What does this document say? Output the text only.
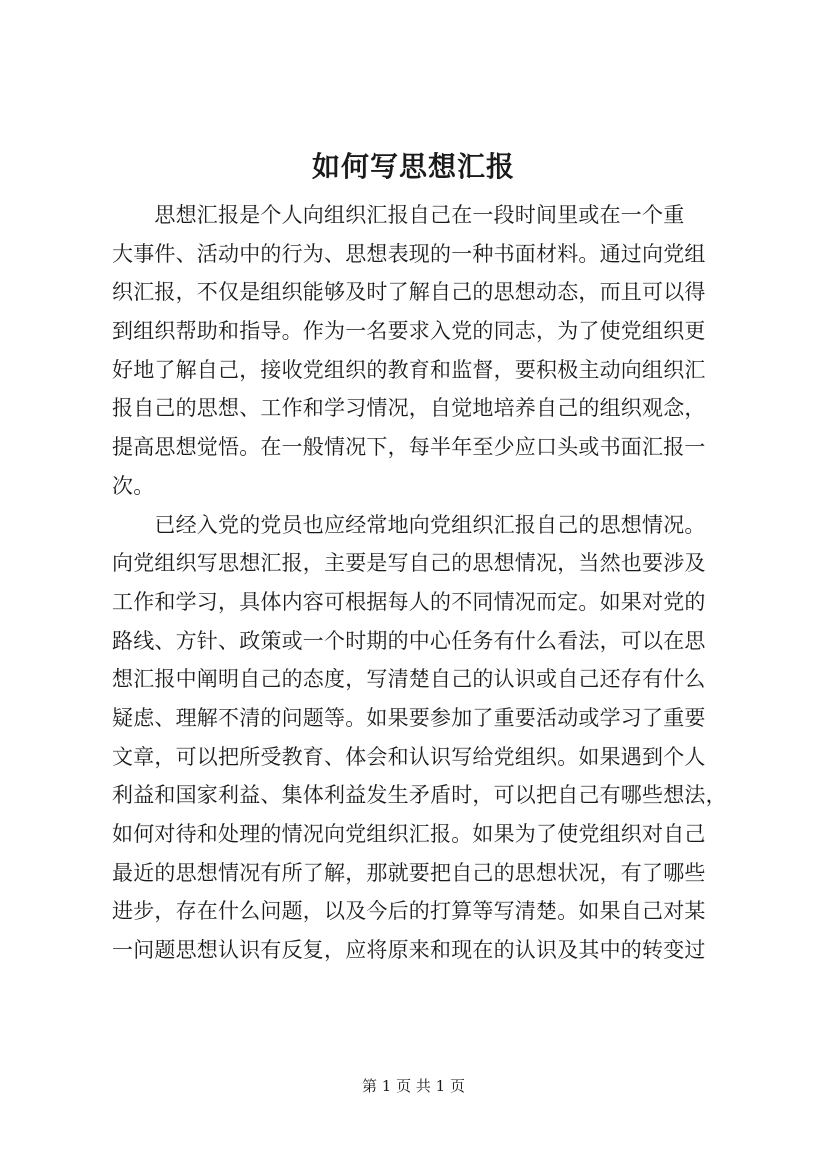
如何写思想汇报
　　思想汇报是个人向组织汇报自己在一段时间里或在一个重
大事件、活动中的行为、思想表现的一种书面材料。通过向党组
织汇报，不仅是组织能够及时了解自己的思想动态，而且可以得
到组织帮助和指导。作为一名要求入党的同志，为了使党组织更
好地了解自己，接收党组织的教育和监督，要积极主动向组织汇
报自己的思想、工作和学习情况，自觉地培养自己的组织观念，
提高思想觉悟。在一般情况下，每半年至少应口头或书面汇报一
次。
　　已经入党的党员也应经常地向党组织汇报自己的思想情况。
向党组织写思想汇报，主要是写自己的思想情况，当然也要涉及
工作和学习，具体内容可根据每人的不同情况而定。如果对党的
路线、方针、政策或一个时期的中心任务有什么看法，可以在思
想汇报中阐明自己的态度，写清楚自己的认识或自己还存有什么
疑虑、理解不清的问题等。如果要参加了重要活动或学习了重要
文章，可以把所受教育、体会和认识写给党组织。如果遇到个人
利益和国家利益、集体利益发生矛盾时，可以把自己有哪些想法，
如何对待和处理的情况向党组织汇报。如果为了使党组织对自己
最近的思想情况有所了解，那就要把自己的思想状况，有了哪些
进步，存在什么问题，以及今后的打算等写清楚。如果自己对某
一问题思想认识有反复，应将原来和现在的认识及其中的转变过
第 1 页 共 1 页
